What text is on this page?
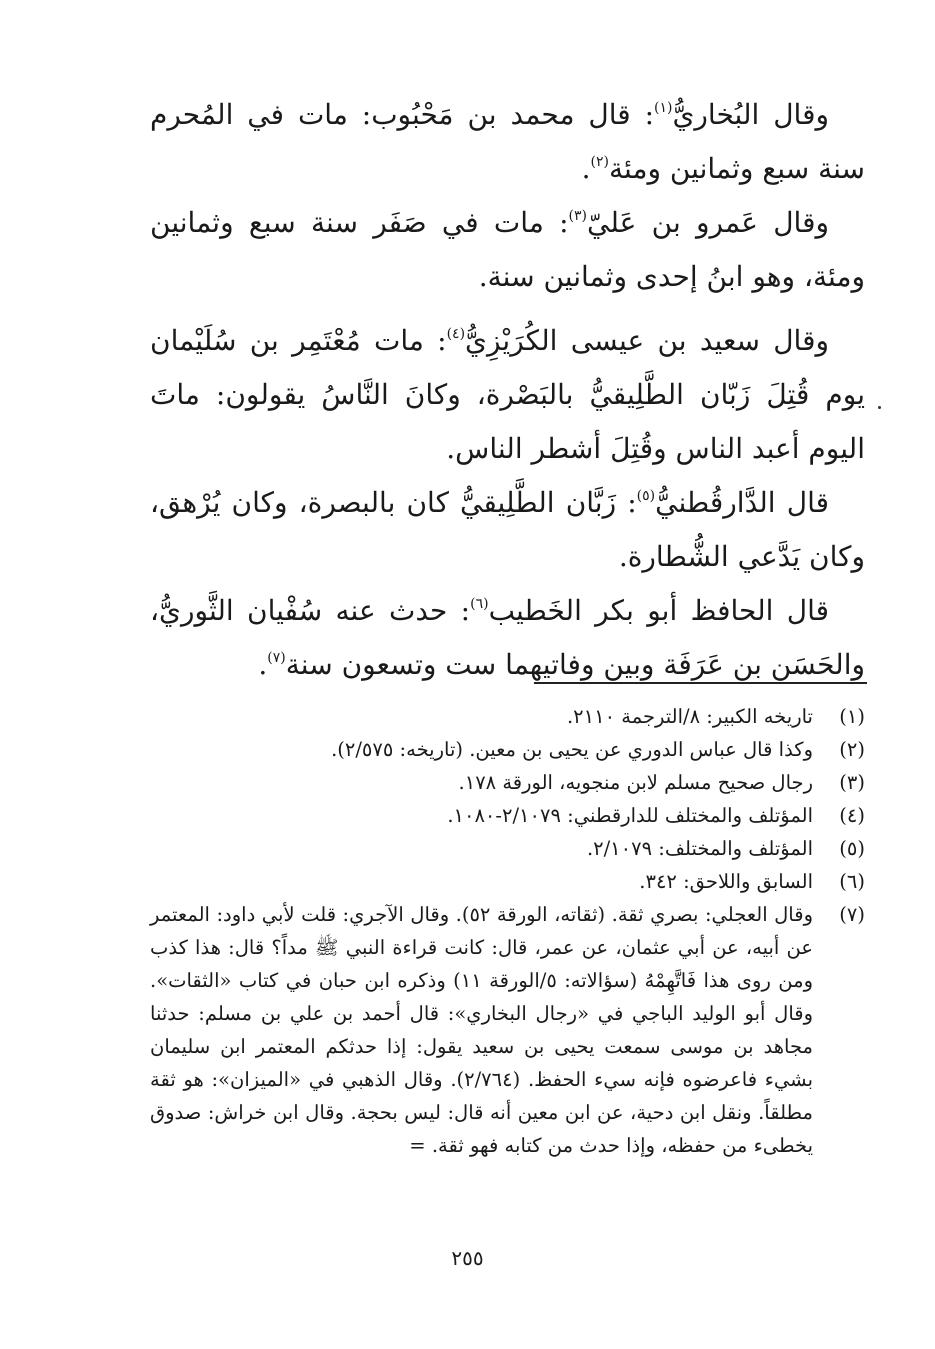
وقال البُخاريُّ$^{(١)}$: قال محمد بن مَحْبُوب: مات في المُحرم سنة سبع وثمانين ومئة$^{(٢)}$.

وقال عَمرو بن عَليّ$^{(٣)}$: مات في صَفَر سنة سبع وثمانين ومئة، وهو ابنُ إحدى وثمانين سنة.

وقال سعيد بن عيسى الكُرَيْزِيُّ$^{(٤)}$: مات مُعْتَمِر بن سُلَيْمان يوم قُتِلَ زَبّان الطَّلِيقيُّ بالبَصْرة، وكانَ النَّاسُ يقولون: ماتَ اليوم أعبد الناس وقُتِلَ أشطر الناس.

قال الدَّارقُطنيُّ$^{(٥)}$: زَبَّان الطَّلِيقيُّ كان بالبصرة، وكان يُرْهق، وكان يَدَّعي الشُّطارة.

قال الحافظ أبو بكر الخَطيب$^{(٦)}$: حدث عنه سُفْيان الثَّوريُّ، والحَسَن بن عَرَفَة وبين وفاتيهما ست وتسعون سنة$^{(٧)}$.

(١)
تاريخه الكبير: ٨/الترجمة ٢١١٠.
(٢)
وكذا قال عباس الدوري عن يحيى بن معين. (تاريخه: ٢/٥٧٥).
(٣)
رجال صحيح مسلم لابن منجويه، الورقة ١٧٨.
(٤)
المؤتلف والمختلف للدارقطني: ٢/١٠٧٩-١٠٨٠.
(٥)
المؤتلف والمختلف: ٢/١٠٧٩.
(٦)
السابق واللاحق: ٣٤٢.
(٧)
وقال العجلي: بصري ثقة. (ثقاته، الورقة ٥٢). وقال الآجري: قلت لأبي داود: المعتمر عن أبيه، عن أبي عثمان، عن عمر، قال: كانت قراءة النبي ﷺ مداً؟ قال: هذا كذب ومن روى هذا فَاتَّهِمْهُ (سؤالاته: ٥/الورقة ١١) وذكره ابن حبان في كتاب «الثقات». وقال أبو الوليد الباجي في «رجال البخاري»: قال أحمد بن علي بن مسلم: حدثنا مجاهد بن موسى سمعت يحيى بن سعيد يقول: إذا حدثكم المعتمر ابن سليمان بشيء فاعرضوه فإنه سيء الحفظ. (٢/٧٦٤). وقال الذهبي في «الميزان»: هو ثقة مطلقاً. ونقل ابن دحية، عن ابن معين أنه قال: ليس بحجة. وقال ابن خراش: صدوق يخطىء من حفظه، وإذا حدث من كتابه فهو ثقة. =
٢٥٥
